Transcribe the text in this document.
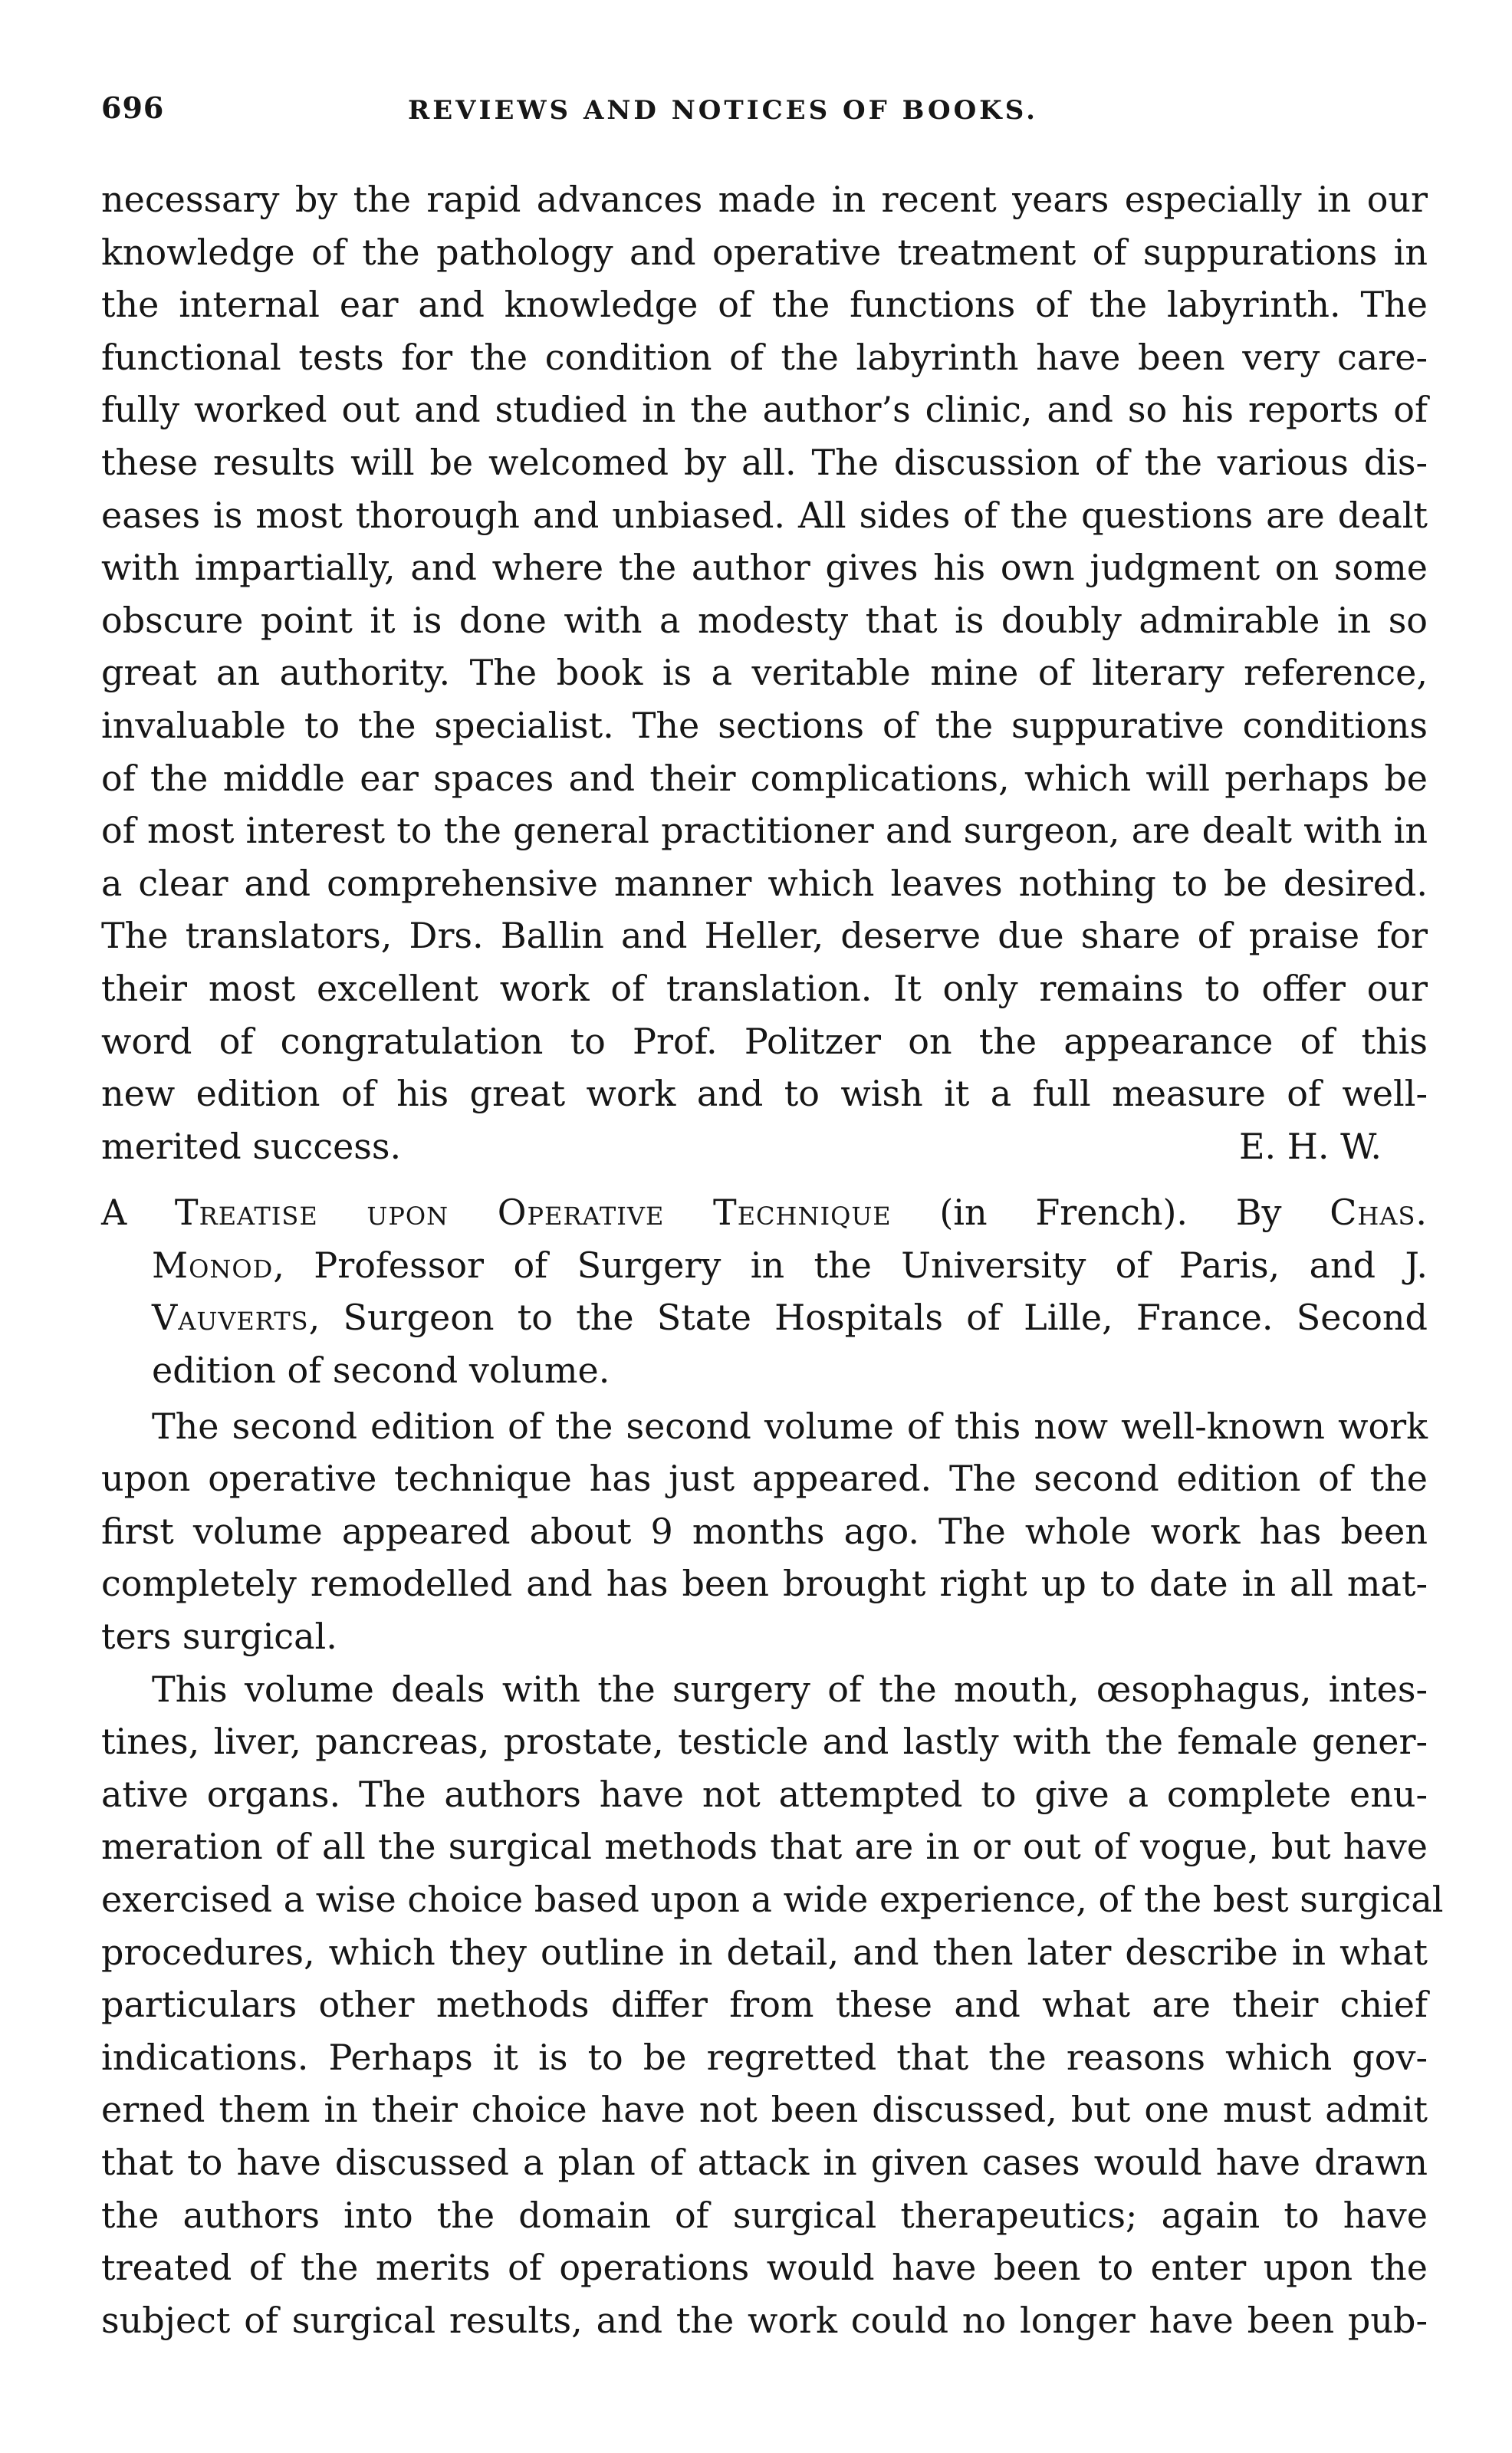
696	REVIEWS AND NOTICES OF BOOKS.

necessary by the rapid advances made in recent years especially in our
knowledge of the pathology and operative treatment of suppurations in
the internal ear and knowledge of the functions of the labyrinth. The
functional tests for the condition of the labyrinth have been very care-
fully worked out and studied in the author’s clinic, and so his reports of
these results will be welcomed by all. The discussion of the various dis-
eases is most thorough and unbiased. All sides of the questions are dealt
with impartially, and where the author gives his own judgment on some
obscure point it is done with a modesty that is doubly admirable in so
great an authority. The book is a veritable mine of literary reference,
invaluable to the specialist. The sections of the suppurative conditions
of the middle ear spaces and their complications, which will perhaps be
of most interest to the general practitioner and surgeon, are dealt with in
a clear and comprehensive manner which leaves nothing to be desired.
The translators, Drs. Ballin and Heller, deserve due share of praise for
their most excellent work of translation. It only remains to offer our
word of congratulation to Prof. Politzer on the appearance of this
new edition of his great work and to wish it a full measure of well-
merited success.	E. H. W.

A Treatise upon Operative Technique (in French). By Chas.
Monod, Professor of Surgery in the University of Paris, and J.
Vauverts, Surgeon to the State Hospitals of Lille, France. Second
edition of second volume.

The second edition of the second volume of this now well-known work
upon operative technique has just appeared. The second edition of the
first volume appeared about 9 months ago. The whole work has been
completely remodelled and has been brought right up to date in all mat-
ters surgical.

This volume deals with the surgery of the mouth, œsophagus, intes-
tines, liver, pancreas, prostate, testicle and lastly with the female gener-
ative organs. The authors have not attempted to give a complete enu-
meration of all the surgical methods that are in or out of vogue, but have
exercised a wise choice based upon a wide experience, of the best surgical
procedures, which they outline in detail, and then later describe in what
particulars other methods differ from these and what are their chief
indications. Perhaps it is to be regretted that the reasons which gov-
erned them in their choice have not been discussed, but one must admit
that to have discussed a plan of attack in given cases would have drawn
the authors into the domain of surgical therapeutics; again to have
treated of the merits of operations would have been to enter upon the
subject of surgical results, and the work could no longer have been pub-
